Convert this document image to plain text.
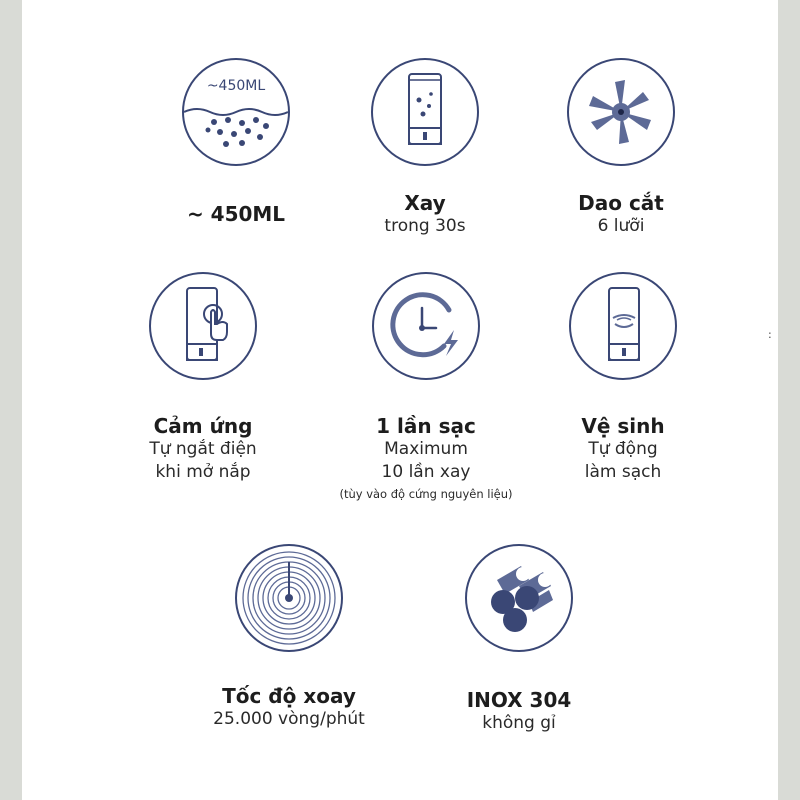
~450ML
~ 450ML	Xay
trong 30s
Dao cắt
6 lưỡi
Cảm ứng
Tự ngắt điện
khi mở nắp
1 lần sạc
Maximum
10 lần xay
(tùy vào độ cứng nguyên liệu)
Vệ sinh
Tự động
làm sạch
Tốc độ xoay
25.000 vòng/phút
INOX 304
không gỉ
:
